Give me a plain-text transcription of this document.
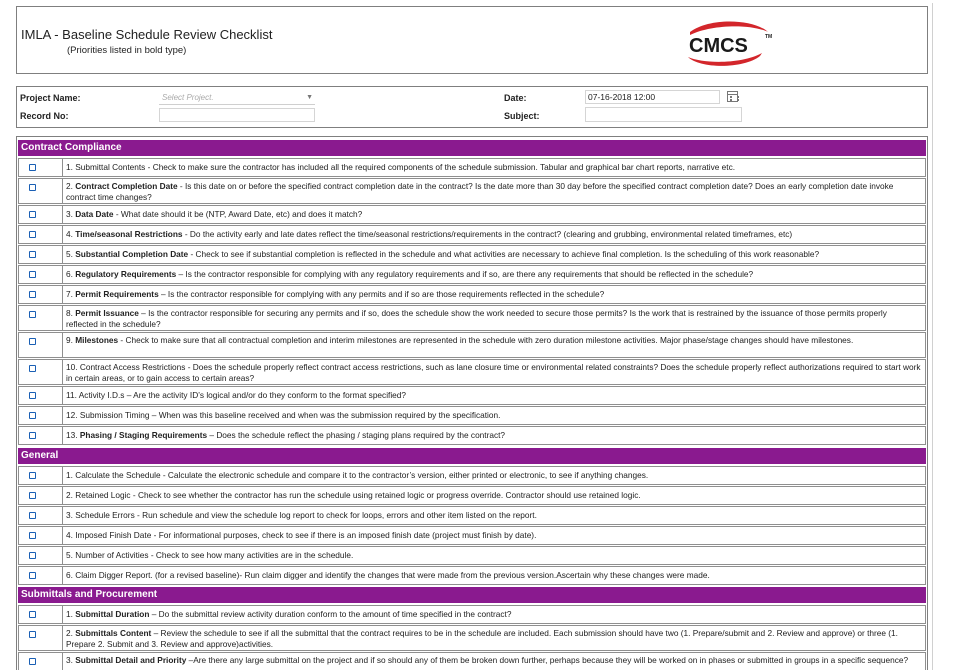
IMLA - Baseline Schedule Review Checklist
(Priorities listed in bold type)	CMCS	TM
Project Name:	Select Project.	▼
Record No:
Date:	07-16-2018 12:00
Subject:
Contract Compliance
1. Submittal Contents - Check to make sure the contractor has included all the required components of the schedule submission. Tabular and graphical bar chart reports, narrative etc.
2. Contract Completion Date - Is this date on or before the specified contract completion date in the contract? Is the date more than 30 day before the specified contract completion date? Does an early completion date invoke contract time changes?
3. Data Date - What date should it be (NTP, Award Date, etc) and does it match?
4. Time/seasonal Restrictions - Do the activity early and late dates reflect the time/seasonal restrictions/requirements in the contract? (clearing and grubbing, environmental related timeframes, etc)
5. Substantial Completion Date - Check to see if substantial completion is reflected in the schedule and what activities are necessary to achieve final completion. Is the scheduling of this work reasonable?
6. Regulatory Requirements – Is the contractor responsible for complying with any regulatory requirements and if so, are there any requirements that should be reflected in the schedule?
7. Permit Requirements – Is the contractor responsible for complying with any permits and if so are those requirements reflected in the schedule?
8. Permit Issuance – Is the contractor responsible for securing any permits and if so, does the schedule show the work needed to secure those permits? Is the work that is restrained by the issuance of those permits properly reflected in the schedule?
9. Milestones - Check to make sure that all contractual completion and interim milestones are represented in the schedule with zero duration milestone activities. Major phase/stage changes should have milestones.
10. Contract Access Restrictions - Does the schedule properly reflect contract access restrictions, such as lane closure time or environmental related constraints? Does the schedule properly reflect authorizations required to start work in certain areas, or to gain access to certain areas?
11. Activity I.D.s – Are the activity ID’s logical and/or do they conform to the format specified?
12. Submission Timing – When was this baseline received and when was the submission required by the specification.
13. Phasing / Staging Requirements – Does the schedule reflect the phasing / staging plans required by the contract?
General
1. Calculate the Schedule - Calculate the electronic schedule and compare it to the contractor’s version, either printed or electronic, to see if anything changes.
2. Retained Logic - Check to see whether the contractor has run the schedule using retained logic or progress override. Contractor should use retained logic.
3. Schedule Errors - Run schedule and view the schedule log report to check for loops, errors and other item listed on the report.
4. Imposed Finish Date - For informational purposes, check to see if there is an imposed finish date (project must finish by date).
5. Number of Activities - Check to see how many activities are in the schedule.
6. Claim Digger Report. (for a revised baseline)- Run claim digger and identify the changes that were made from the previous version.Ascertain why these changes were made.
Submittals and Procurement
1. Submittal Duration – Do the submittal review activity duration conform to the amount of time specified in the contract?
2. Submittals Content – Review the schedule to see if all the submittal that the contract requires to be in the schedule are included. Each submission should have two (1. Prepare/submit and 2. Review and approve) or three (1. Prepare 2. Submit and 3. Review and approve)activities.
3. Submittal Detail and Priority –Are there any large submittal on the project and if so should any of them be broken down further, perhaps because they will be worked on in phases or submitted in groups in a specific sequence?
